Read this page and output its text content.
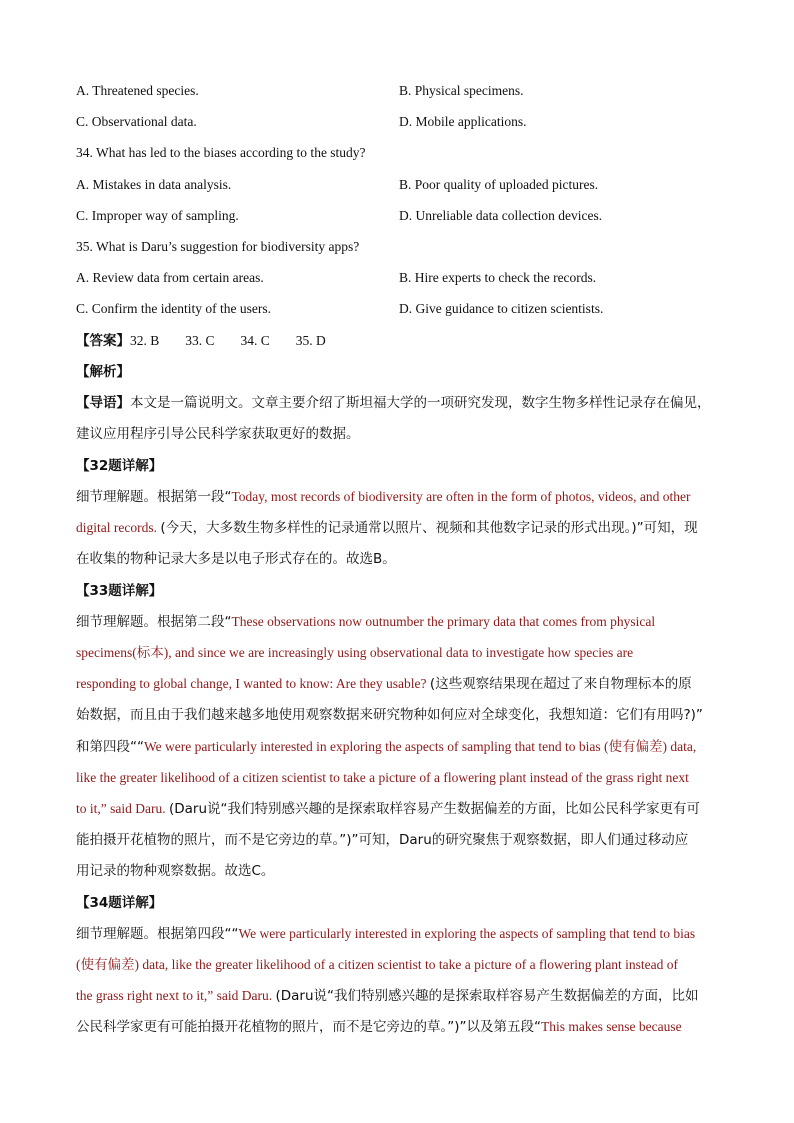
A. Threatened species.	B. Physical specimens.
C. Observational data.	D. Mobile applications.
34. What has led to the biases according to the study?
A. Mistakes in data analysis.	B. Poor quality of uploaded pictures.
C. Improper way of sampling.	D. Unreliable data collection devices.
35. What is Daru’s suggestion for biodiversity apps?
A. Review data from certain areas.	B. Hire experts to check the records.
C. Confirm the identity of the users.	D. Give guidance to citizen scientists.
【答案】32. B 33. C 34. C 35. D
【解析】
【导语】本文是一篇说明文。文章主要介绍了斯坦福大学的一项研究发现，数字生物多样性记录存在偏见，
建议应用程序引导公民科学家获取更好的数据。
【32题详解】
细节理解题。根据第一段“Today, most records of biodiversity are often in the form of photos, videos, and other
digital records. (今天，大多数生物多样性的记录通常以照片、视频和其他数字记录的形式出现。)”可知，现
在收集的物种记录大多是以电子形式存在的。故选B。
【33题详解】
细节理解题。根据第二段“These observations now outnumber the primary data that comes from physical
specimens(标本), and since we are increasingly using observational data to investigate how species are
responding to global change, I wanted to know: Are they usable? (这些观察结果现在超过了来自物理标本的原
始数据，而且由于我们越来越多地使用观察数据来研究物种如何应对全球变化，我想知道：它们有用吗?)”
和第四段““We were particularly interested in exploring the aspects of sampling that tend to bias (使有偏差) data,
like the greater likelihood of a citizen scientist to take a picture of a flowering plant instead of the grass right next
to it,” said Daru. (Daru说“我们特别感兴趣的是探索取样容易产生数据偏差的方面，比如公民科学家更有可
能拍摄开花植物的照片，而不是它旁边的草。”)”可知，Daru的研究聚焦于观察数据，即人们通过移动应
用记录的物种观察数据。故选C。
【34题详解】
细节理解题。根据第四段““We were particularly interested in exploring the aspects of sampling that tend to bias
(使有偏差) data, like the greater likelihood of a citizen scientist to take a picture of a flowering plant instead of
the grass right next to it,” said Daru. (Daru说“我们特别感兴趣的是探索取样容易产生数据偏差的方面，比如
公民科学家更有可能拍摄开花植物的照片，而不是它旁边的草。”)”以及第五段“This makes sense because
